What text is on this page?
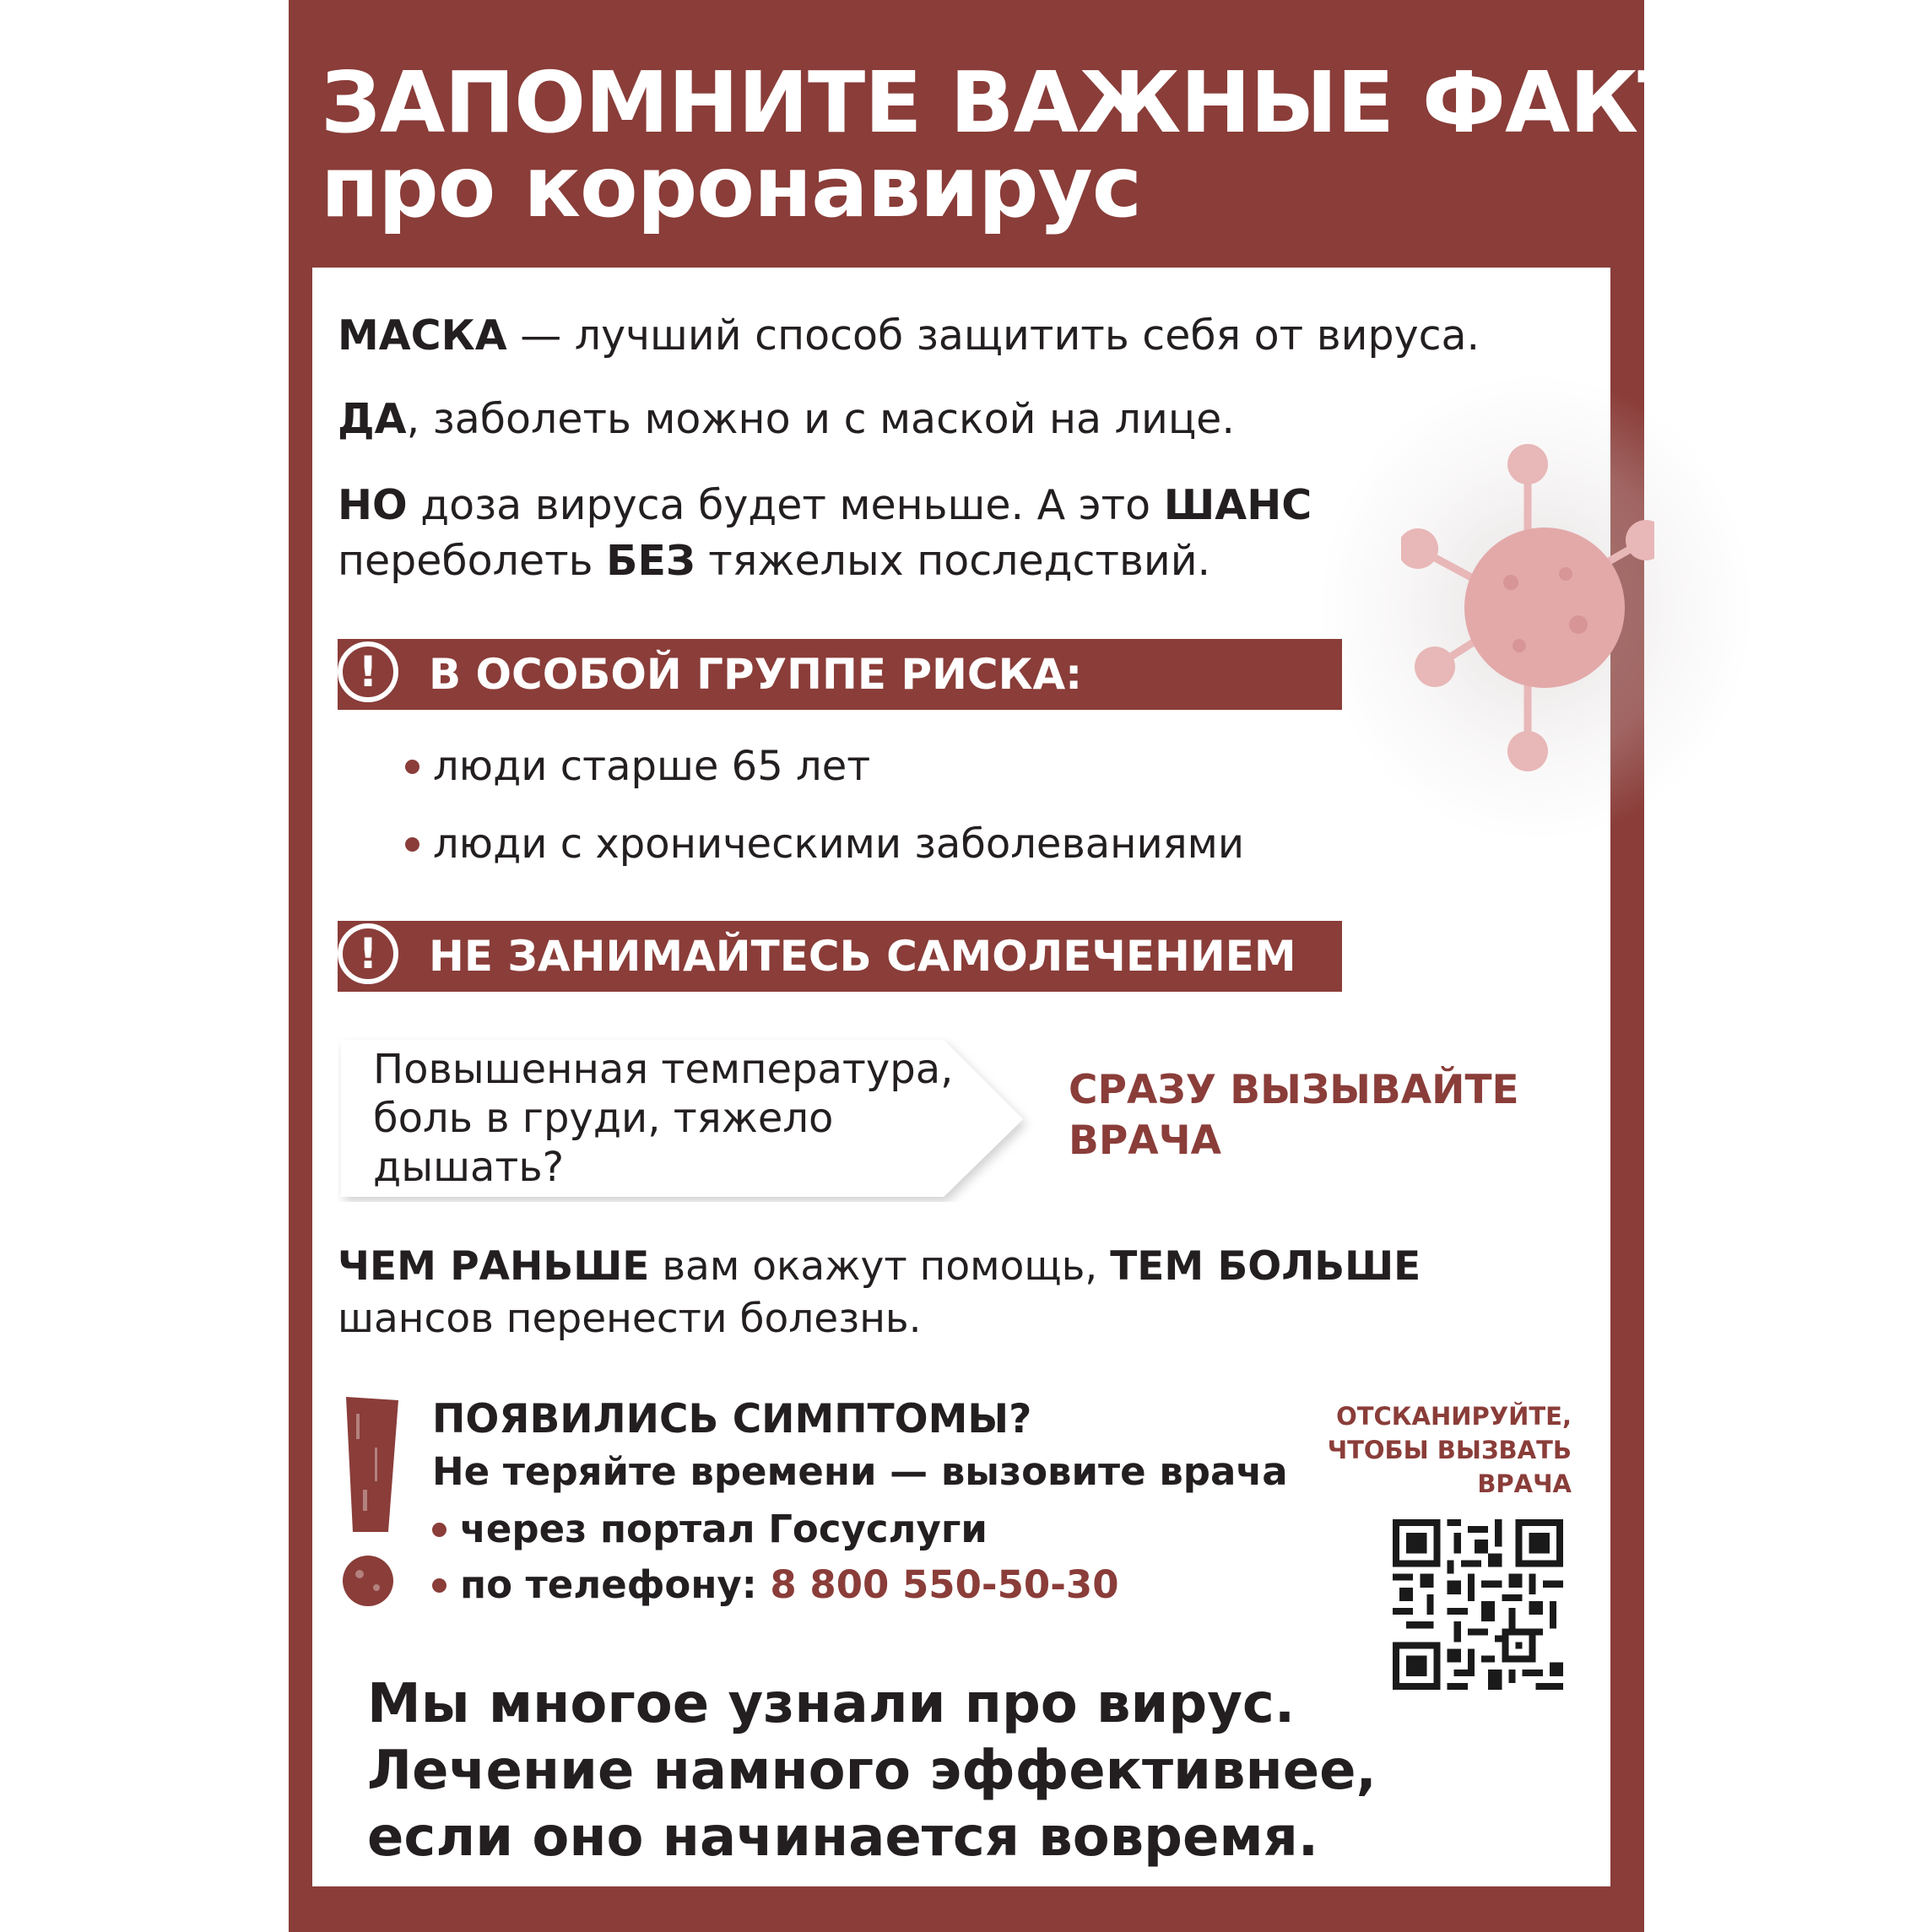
ЗАПОМНИТЕ ВАЖНЫЕ ФАКТЫ
про коронавирус
МАСКА — лучший способ защитить себя от вируса.
ДА, заболеть можно и с маской на лице.
НО доза вируса будет меньше. А это ШАНС
переболеть БЕЗ тяжелых последствий.
!	В ОСОБОЙ ГРУППЕ РИСКА:
люди старше 65 лет
люди с хроническими заболеваниями
!	НЕ ЗАНИМАЙТЕСЬ САМОЛЕЧЕНИЕМ
Повышенная температура,
боль в груди, тяжело
дышать?
СРАЗУ ВЫЗЫВАЙТЕ
ВРАЧА
ЧЕМ РАНЬШЕ вам окажут помощь, ТЕМ БОЛЬШЕ
шансов перенести болезнь.
ПОЯВИЛИСЬ СИМПТОМЫ?
Не теряйте времени — вызовите врача
через портал Госуслуги
по телефону: 8 800 550-50-30
ОТСКАНИРУЙТЕ,
ЧТОБЫ ВЫЗВАТЬ
ВРАЧА
Мы многое узнали про вирус.
Лечение намного эффективнее,
если оно начинается вовремя.
